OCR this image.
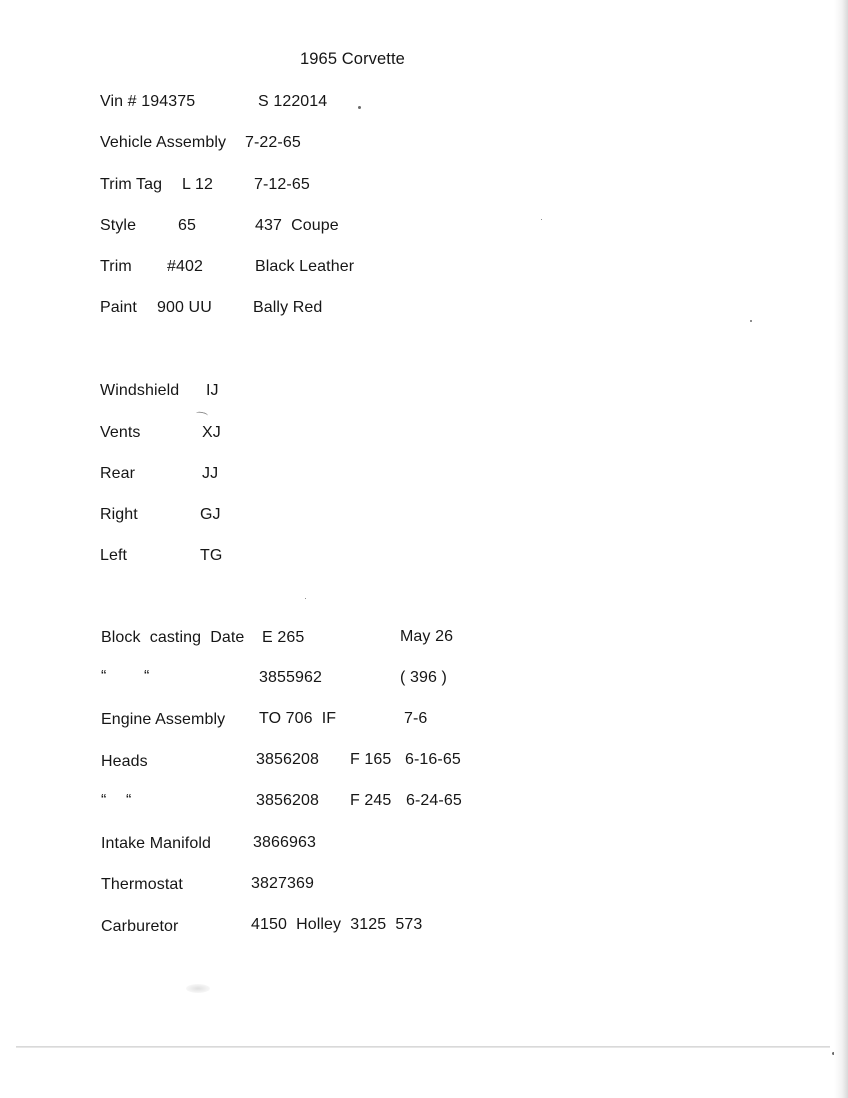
1965 Corvette
Vin # 194375	S 122014
Vehicle Assembly 7-22-65
Trim Tag L 12	7-12-65
Style	65	437  Coupe
Trim #402	Black Leather
Paint 900 UU	Bally Red
Windshield IJ
Vents	XJ
Rear	JJ
Right	GJ
Left	TG
Block  casting  Date E 265	May 26
“ “	3855962	( 396 )
Engine Assembly TO 706  IF	7-6
Heads	3856208 F 165 6-16-65
“ “	3856208 F 245 6-24-65
Intake Manifold	3866963
Thermostat	3827369
Carburetor	4150  Holley  3125  573
